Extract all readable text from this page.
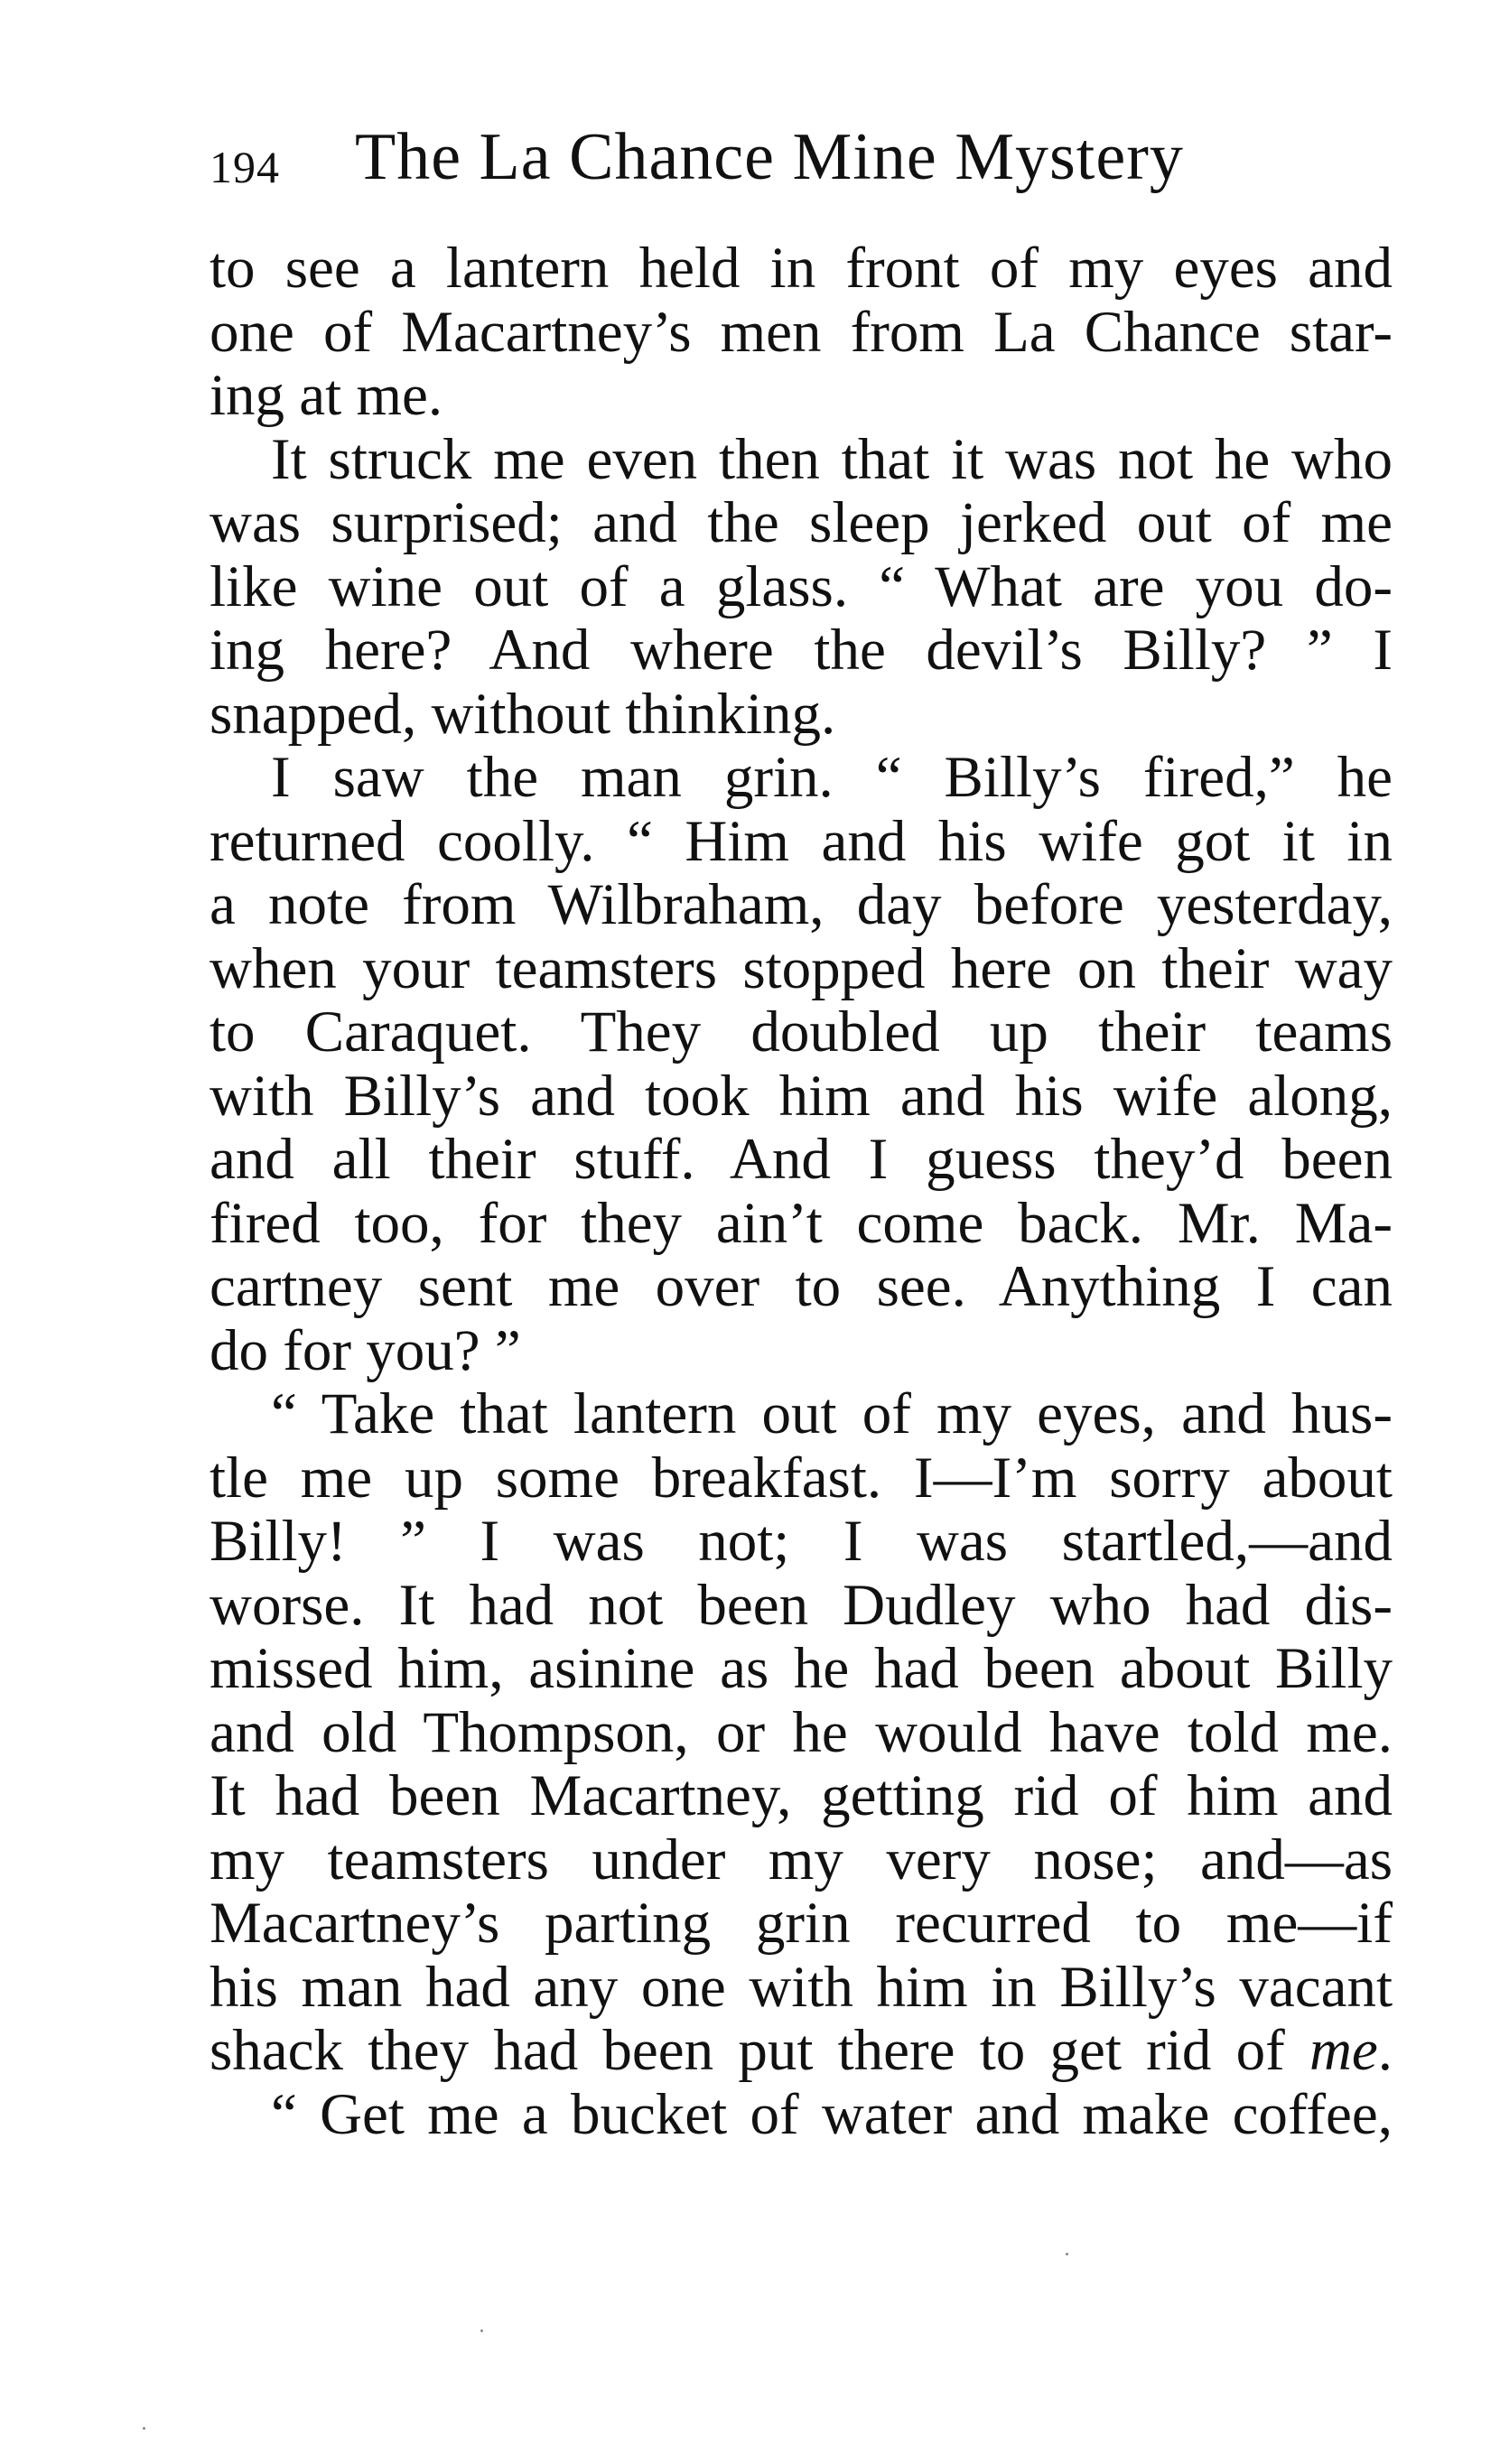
194 The La Chance Mine Mystery
to see a lantern held in front of my eyes and
one of Macartney’s men from La Chance star-
ing at me.
It struck me even then that it was not he who
was surprised; and the sleep jerked out of me
like wine out of a glass. “ What are you do-
ing here? And where the devil’s Billy? ” I
snapped, without thinking.
I saw the man grin. “ Billy’s fired,” he
returned coolly. “ Him and his wife got it in
a note from Wilbraham, day before yesterday,
when your teamsters stopped here on their way
to Caraquet. They doubled up their teams
with Billy’s and took him and his wife along,
and all their stuff. And I guess they’d been
fired too, for they ain’t come back. Mr. Ma-
cartney sent me over to see. Anything I can
do for you? ”
“ Take that lantern out of my eyes, and hus-
tle me up some breakfast. I—I’m sorry about
Billy! ” I was not; I was startled,—and
worse. It had not been Dudley who had dis-
missed him, asinine as he had been about Billy
and old Thompson, or he would have told me.
It had been Macartney, getting rid of him and
my teamsters under my very nose; and—as
Macartney’s parting grin recurred to me—if
his man had any one with him in Billy’s vacant
shack they had been put there to get rid of me.
“ Get me a bucket of water and make coffee,
